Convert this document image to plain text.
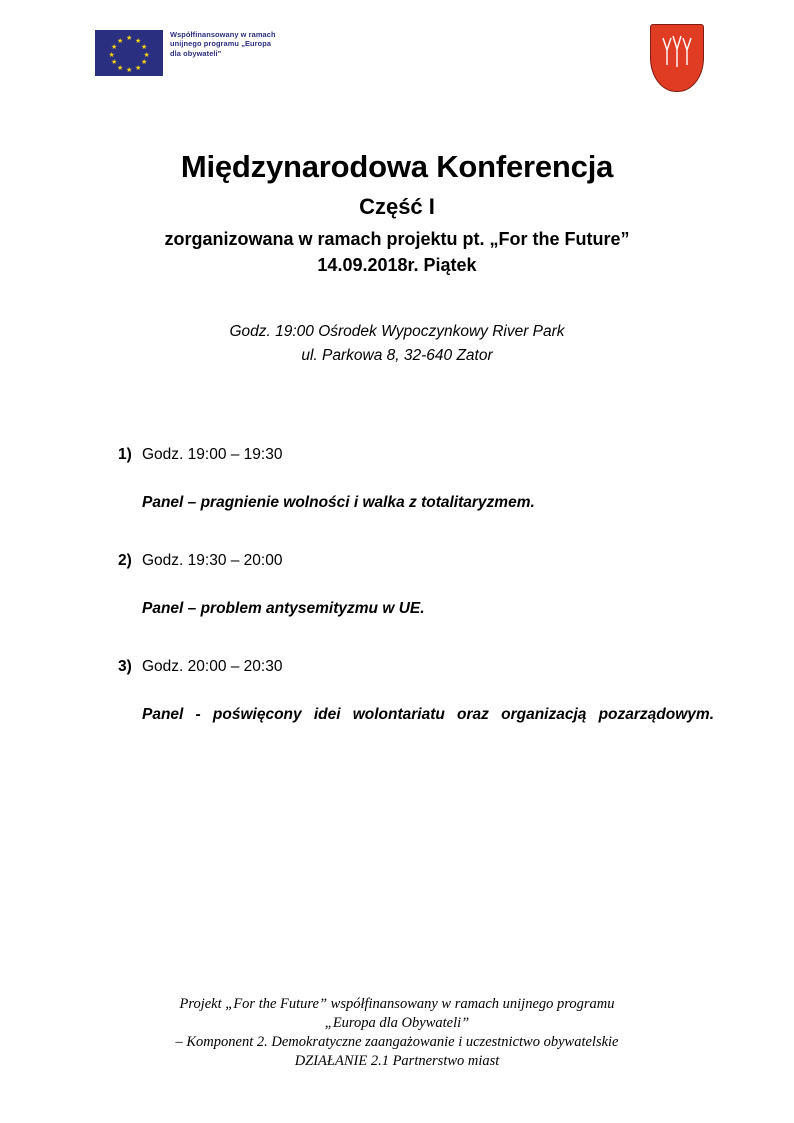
★ ★
★
★
★
★
★
★
★
★
★
★
Współfinansowany w ramach unijnego programu „Europa dla obywateli"
Międzynarodowa Konferencja
Część I
zorganizowana w ramach projektu pt. „For the Future”
14.09.2018r. Piątek
Godz. 19:00 Ośrodek Wypoczynkowy River Park
ul. Parkowa 8, 32-640 Zator
1) Godz. 19:00 – 19:30
Panel – pragnienie wolności i walka z totalitaryzmem.
2) Godz. 19:30 – 20:00
Panel – problem antysemityzmu w UE.
3) Godz. 20:00 – 20:30
Panel - poświęcony idei wolontariatu oraz organizacją pozarządowym.
Projekt „For the Future” współfinansowany w ramach unijnego programu
„Europa dla Obywateli”
– Komponent 2. Demokratyczne zaangażowanie i uczestnictwo obywatelskie
DZIAŁANIE 2.1 Partnerstwo miast
